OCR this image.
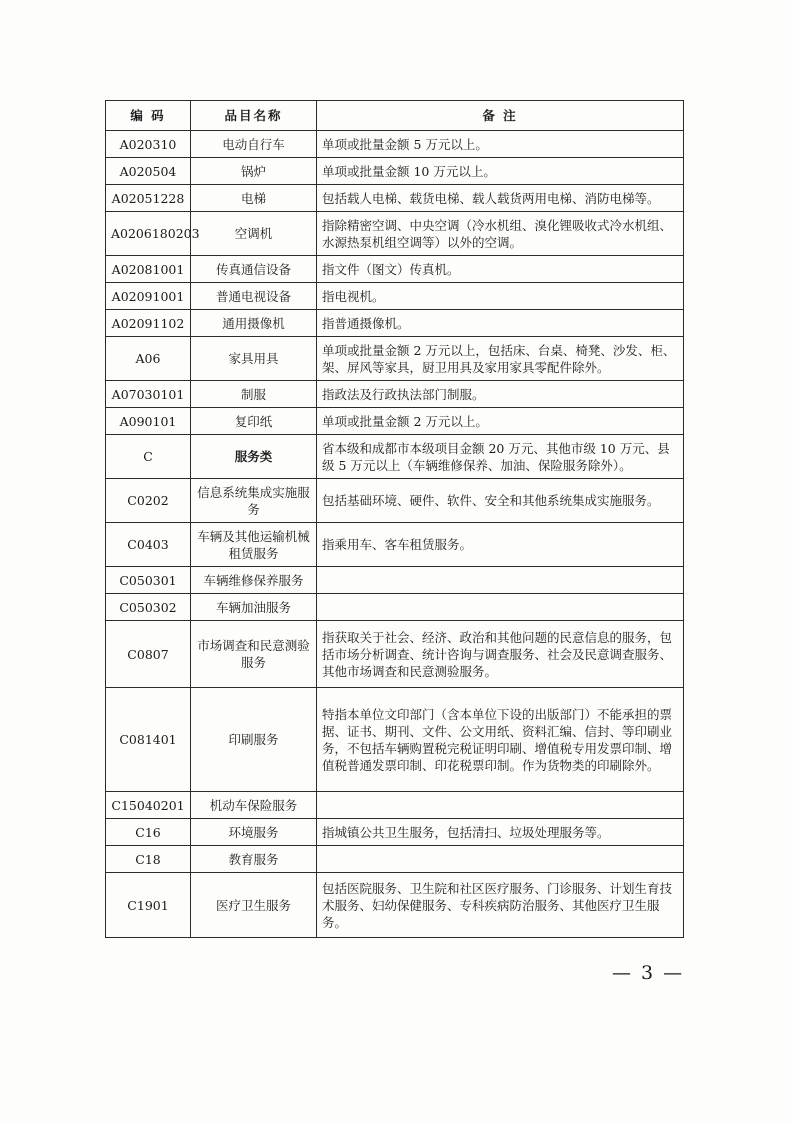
编 码	品目名称	备 注
A020310	电动自行车	单项或批量金额 5 万元以上。
A020504	锅炉	单项或批量金额 10 万元以上。
A02051228	电梯	包括载人电梯、载货电梯、载人载货两用电梯、消防电梯等。
A0206180203	空调机	指除精密空调、中央空调（冷水机组、溴化锂吸收式冷水机组、水源热泵机组空调等）以外的空调。
A02081001	传真通信设备	指文件（图文）传真机。
A02091001	普通电视设备	指电视机。
A02091102	通用摄像机	指普通摄像机。
A06	家具用具	单项或批量金额 2 万元以上，包括床、台桌、椅凳、沙发、柜、架、屏风等家具，厨卫用具及家用家具零配件除外。
A07030101	制服	指政法及行政执法部门制服。
A090101	复印纸	单项或批量金额 2 万元以上。
C	服务类	省本级和成都市本级项目金额 20 万元、其他市级 10 万元、县级 5 万元以上（车辆维修保养、加油、保险服务除外）。
C0202	信息系统集成实施服务	包括基础环境、硬件、软件、安全和其他系统集成实施服务。
C0403	车辆及其他运输机械租赁服务	指乘用车、客车租赁服务。
C050301	车辆维修保养服务	
C050302	车辆加油服务	
C0807	市场调查和民意测验服务	指获取关于社会、经济、政治和其他问题的民意信息的服务，包括市场分析调查、统计咨询与调查服务、社会及民意调查服务、其他市场调查和民意测验服务。
C081401	印刷服务	特指本单位文印部门（含本单位下设的出版部门）不能承担的票据、证书、期刊、文件、公文用纸、资料汇编、信封、等印刷业务，不包括车辆购置税完税证明印刷、增值税专用发票印制、增值税普通发票印制、印花税票印制。作为货物类的印刷除外。
C15040201	机动车保险服务	
C16	环境服务	指城镇公共卫生服务，包括清扫、垃圾处理服务等。
C18	教育服务	
C1901	医疗卫生服务	包括医院服务、卫生院和社区医疗服务、门诊服务、计划生育技术服务、妇幼保健服务、专科疾病防治服务、其他医疗卫生服务。
— 3 —
